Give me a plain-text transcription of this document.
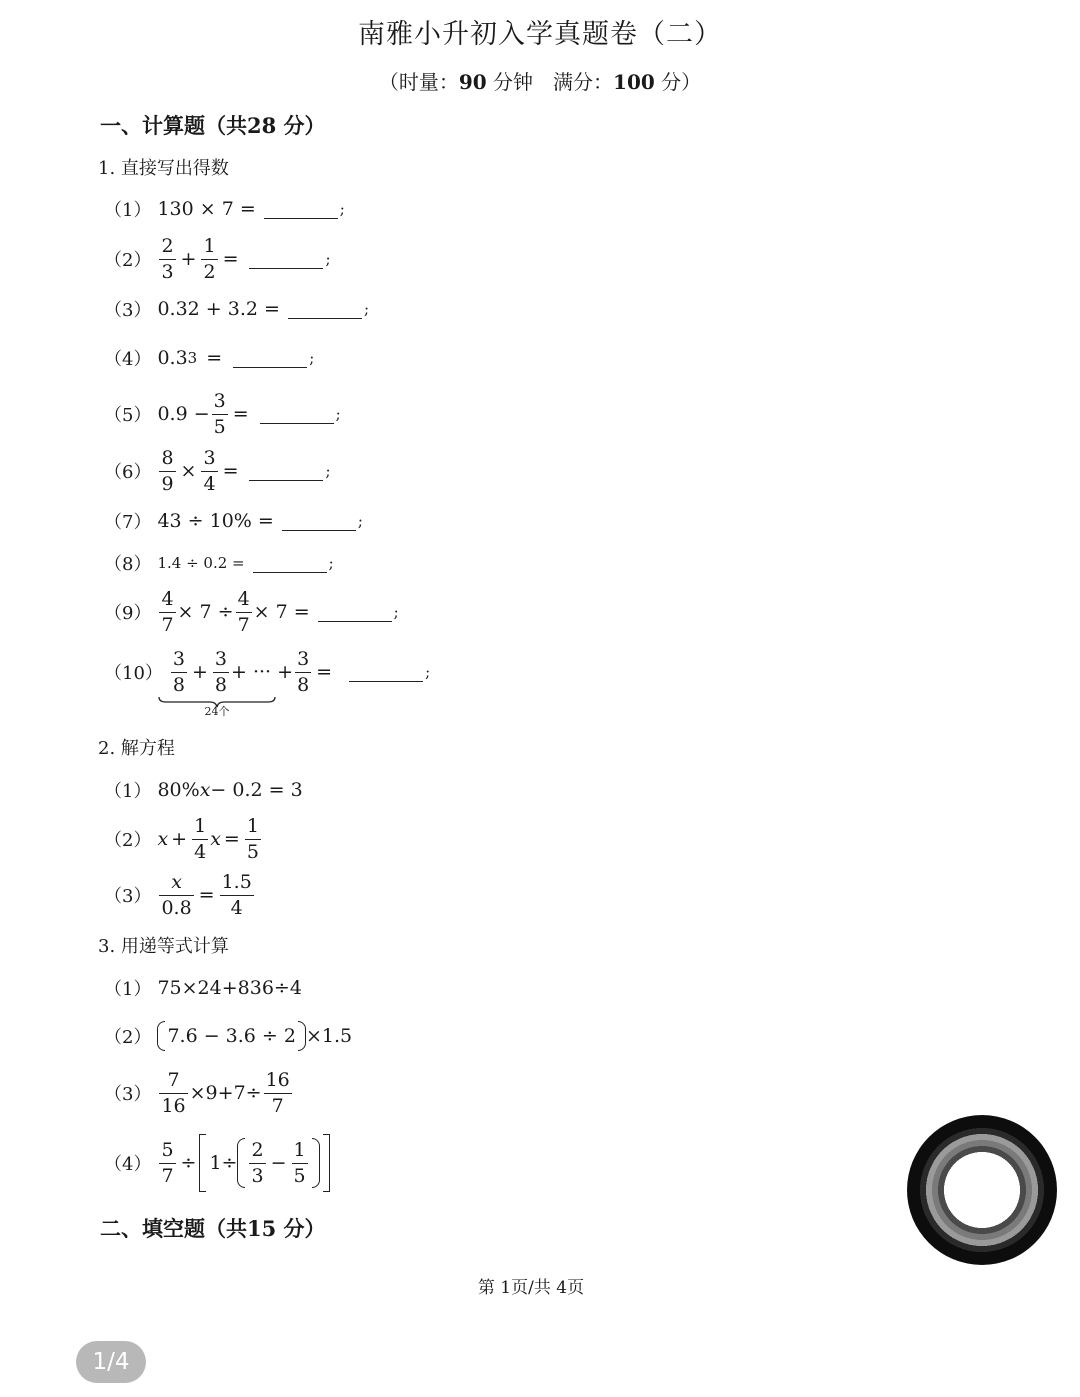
南雅小升初入学真题卷（二）
（时量：90 分钟　满分：100 分）
一、计算题（共28 分）
1. 直接写出得数
（1） 130 × 7 =	;
$(2) \frac{2}{3} + \frac{1}{2}$ =	;
（3） 0.32 + 3.2 =	;
（4） 0.3 3 =	;
（5） $0.9 - \frac{3}{5}$ =	;
$(6) \frac{8}{9} \times \frac{3}{4}$ =	;
（7） 43 ÷ 10% =	;
（8） 1.4 ÷ 0.2 =	;
$(9) \frac{4}{7} \times 7 \div \frac{4}{7} \times 7$ =	;
$(10) \frac{3}{8} + \frac{3}{8}$ + ··· + $\frac{3}{8}$ =	;
24个
2. 解方程
（1） 80% x − 0.2 = 3
（2） $x + \frac{1}{4}$ $x = \frac{1}{5}$
$(3) \frac{x}{0.8} = \frac{1.5}{4}$
3. 用递等式计算
（1） 75×24+836÷4
（2） 7.6 − 3.6 ÷ 2 ×1.5
$(3) \frac{7}{16} \times 9+7\div \frac{16}{7}$
$(4) \frac{5}{7} \div 1\div \frac{2}{3} - \frac{1}{5}$
二、填空题（共15 分）
第 1页/共 4页
1/4
